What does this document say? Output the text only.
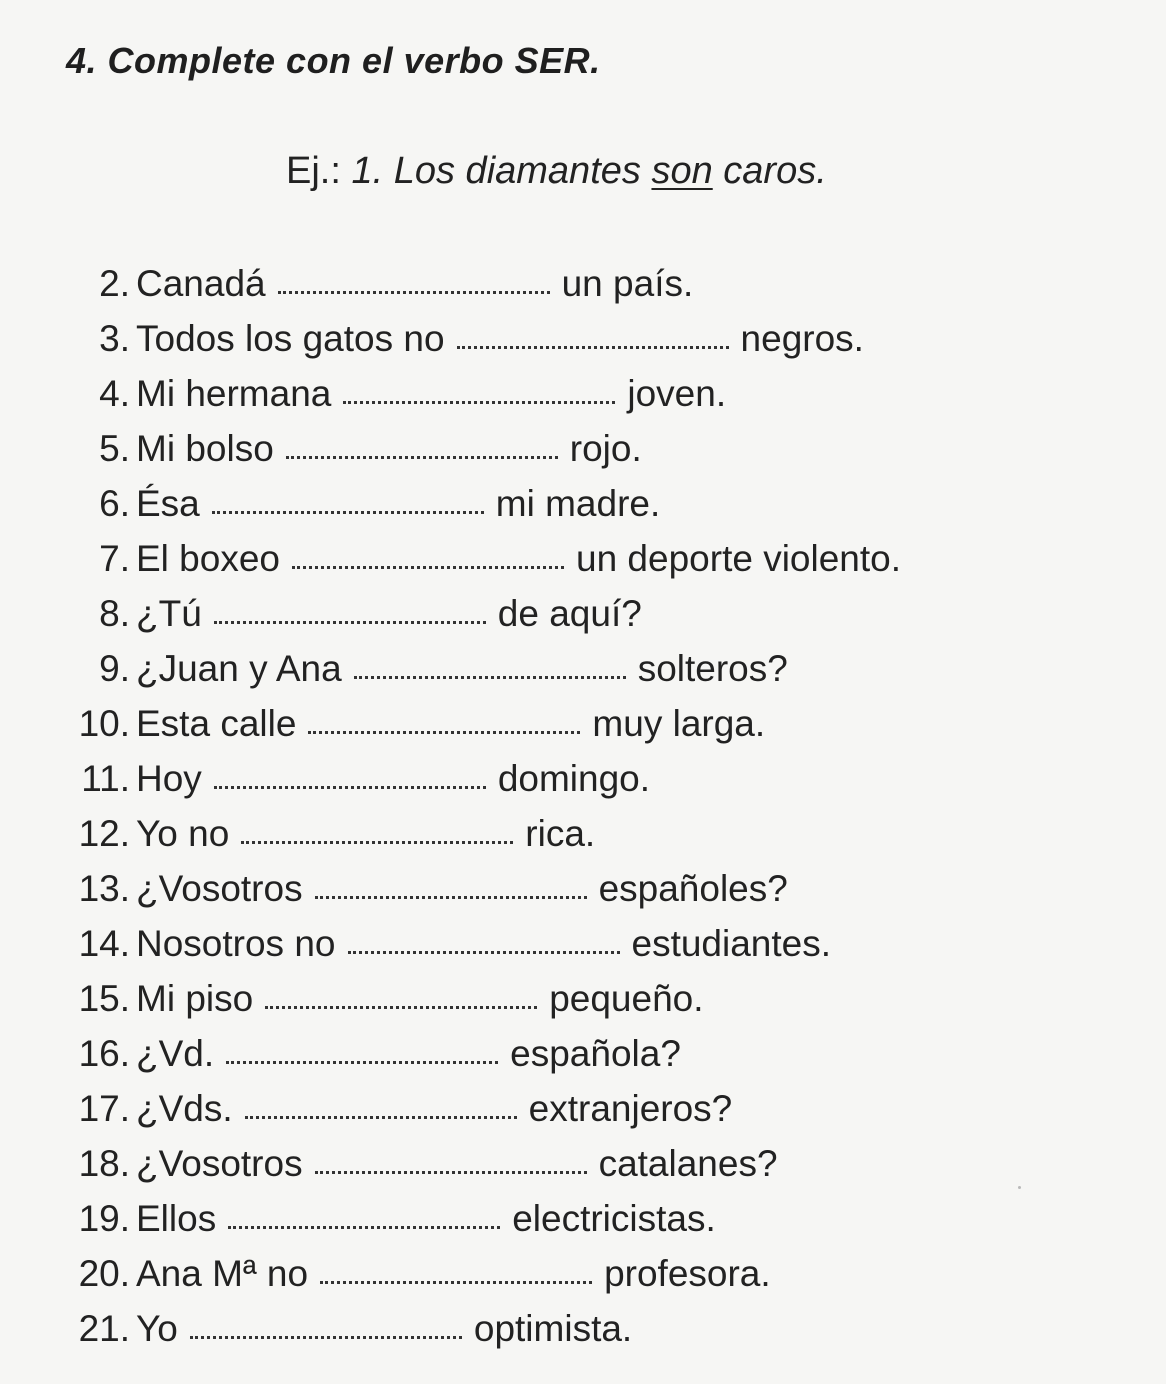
4. Complete con el verbo SER.
Ej.: 1. Los diamantes son caros.
2. Canadá	un país.
3. Todos los gatos no	negros.
4. Mi hermana	joven.
5. Mi bolso	rojo.
6. Ésa	mi madre.
7. El boxeo	un deporte violento.
8. ¿Tú	de aquí?
9. ¿Juan y Ana	solteros?
10. Esta calle	muy larga.
11. Hoy	domingo.
12. Yo no	rica.
13. ¿Vosotros	españoles?
14. Nosotros no	estudiantes.
15. Mi piso	pequeño.
16. ¿Vd.	española?
17. ¿Vds.	extranjeros?
18. ¿Vosotros	catalanes?
19. Ellos	electricistas.
20. Ana Mª no	profesora.
21. Yo	optimista.
